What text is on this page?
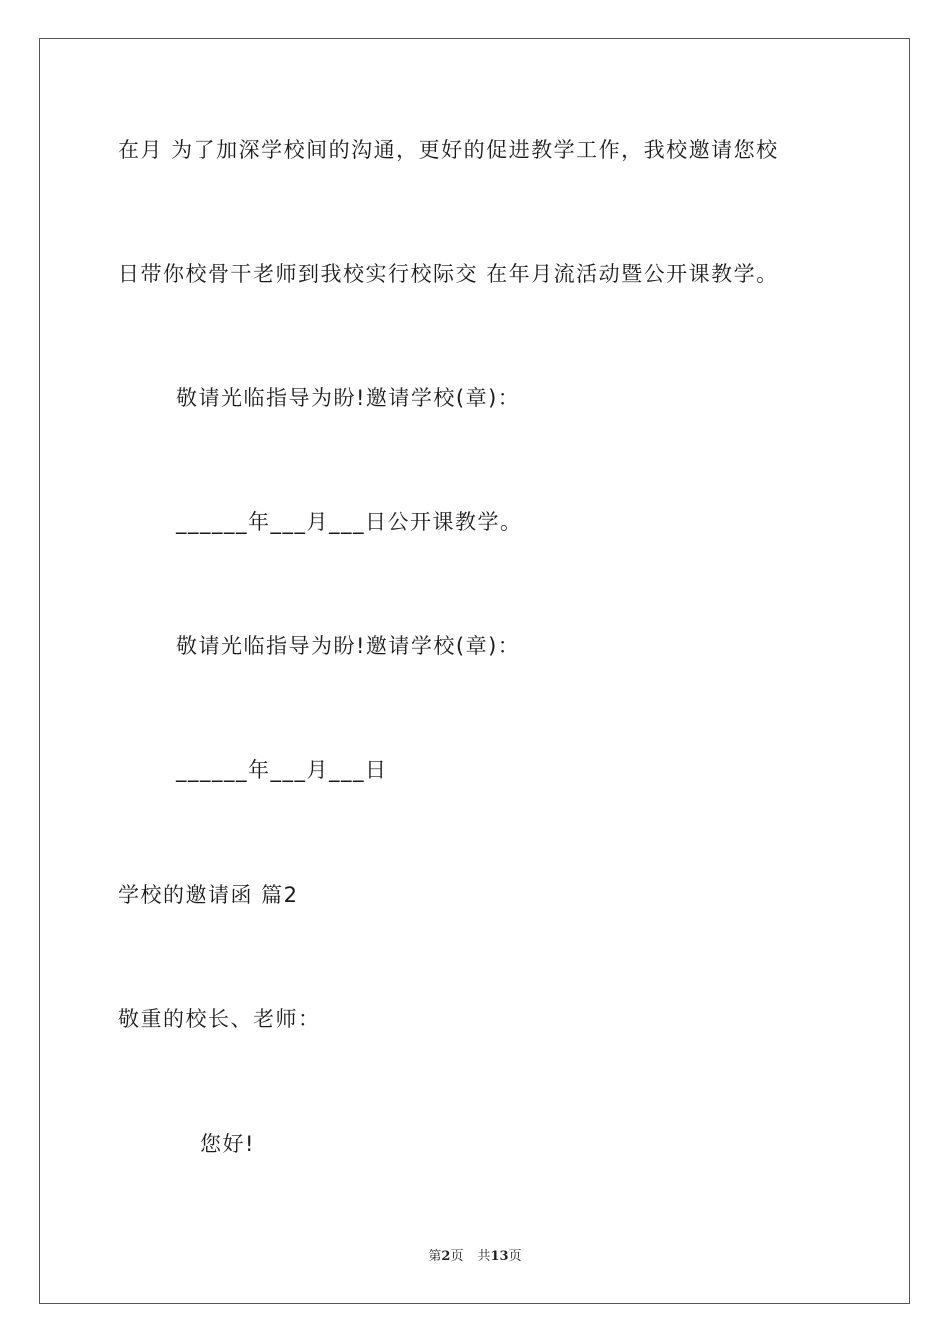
在月 为了加深学校间的沟通，更好的促进教学工作，我校邀请您校
日带你校骨干老师到我校实行校际交 在年月流活动暨公开课教学。
敬请光临指导为盼!邀请学校(章)：
______年___月___日公开课教学。
敬请光临指导为盼!邀请学校(章)：
______年___月___日
学校的邀请函 篇2
敬重的校长、老师：
您好!
第2页 共13页
